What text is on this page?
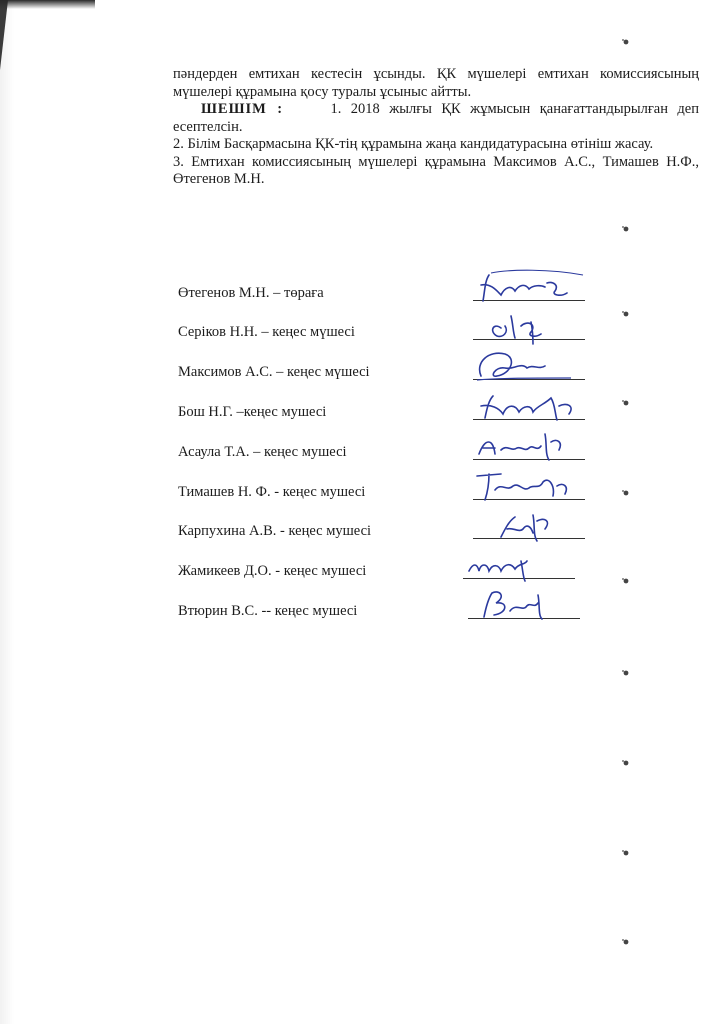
пәндерден емтихан кестесін ұсынды. ҚК мүшелері емтихан комиссиясының мүшелері құрамына қосу туралы ұсыныс айтты.

ШЕШІМ :	1. 2018 жылғы ҚК жұмысын қанағаттандырылған деп есептелсін.

2. Білім Басқармасына ҚК-тің құрамына жаңа кандидатурасына өтініш жасау.

3. Емтихан комиссиясының мүшелері құрамына Максимов А.С., Тимашев Н.Ф., Өтегенов М.Н.

Өтегенов М.Н. – төрағa
Серіков Н.Н. – кеңес мүшесі
Максимов А.С. – кеңес мүшесі
Бош Н.Г. –кеңес мушесі
Асаула Т.А. – кеңес мушесі
Тимашев Н. Ф. - кеңес мушесі
Карпухина А.В. - кеңес мушесі
Жамикеев Д.О. - кеңес мушесі
Втюрин В.С. -- кеңес мушесі
